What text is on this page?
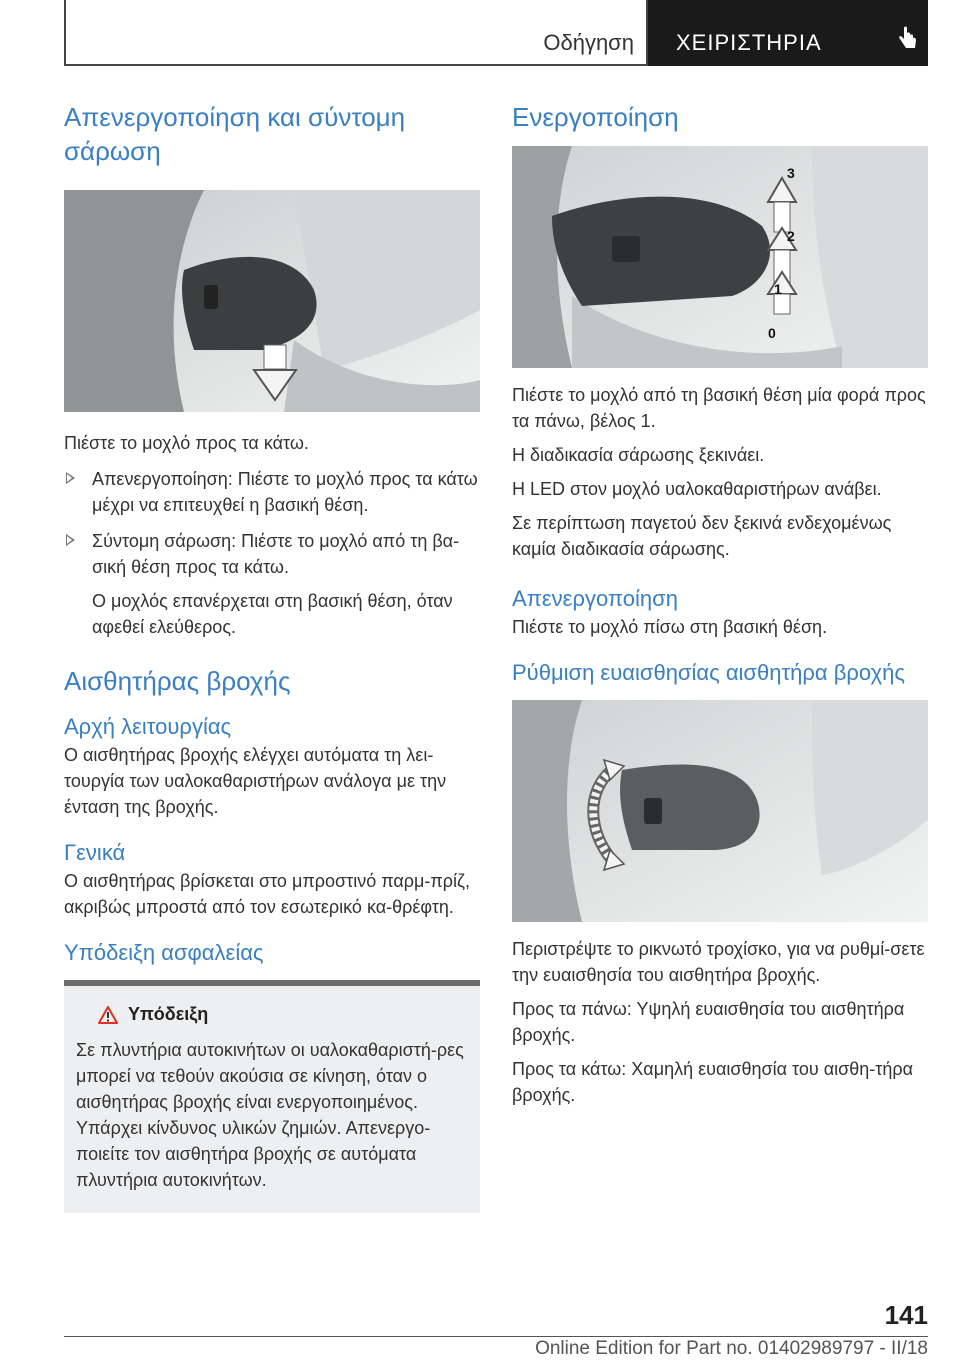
Οδήγηση ΧΕΙΡΙΣΤΗΡΙΑ
Απενεργοποίηση και σύντομη σάρωση

Πιέστε το μοχλό προς τα κάτω.

Απενεργοποίηση: Πιέστε το μοχλό προς τα κάτω μέχρι να επιτευχθεί η βασική θέση.
Σύντομη σάρωση: Πιέστε το μοχλό από τη βα-σική θέση προς τα κάτω.

Ο μοχλός επανέρχεται στη βασική θέση, όταν αφεθεί ελεύθερος.

Αισθητήρας βροχής
Αρχή λειτουργίας

Ο αισθητήρας βροχής ελέγχει αυτόματα τη λει-τουργία των υαλοκαθαριστήρων ανάλογα με την ένταση της βροχής.

Γενικά

Ο αισθητήρας βρίσκεται στο μπροστινό παρμ-πρίζ, ακριβώς μπροστά από τον εσωτερικό κα-θρέφτη.

Υπόδειξη ασφαλείας
Υπόδειξη

Σε πλυντήρια αυτοκινήτων οι υαλοκαθαριστή-ρες μπορεί να τεθούν ακούσια σε κίνηση, όταν ο αισθητήρας βροχής είναι ενεργοποιημένος. Υπάρχει κίνδυνος υλικών ζημιών. Απενεργο-ποιείτε τον αισθητήρα βροχής σε αυτόματα πλυντήρια αυτοκινήτων.

Ενεργοποίηση
3
2
1
0

Πιέστε το μοχλό από τη βασική θέση μία φορά προς τα πάνω, βέλος 1.

Η διαδικασία σάρωσης ξεκινάει.

Η LED στον μοχλό υαλοκαθαριστήρων ανάβει.

Σε περίπτωση παγετού δεν ξεκινά ενδεχομένως καμία διαδικασία σάρωσης.

Απενεργοποίηση

Πιέστε το μοχλό πίσω στη βασική θέση.

Ρύθμιση ευαισθησίας αισθητήρα βροχής

Περιστρέψτε το ρικνωτό τροχίσκο, για να ρυθμί-σετε την ευαισθησία του αισθητήρα βροχής.

Προς τα πάνω: Υψηλή ευαισθησία του αισθητήρα βροχής.

Προς τα κάτω: Χαμηλή ευαισθησία του αισθη-τήρα βροχής.

141
Online Edition for Part no. 01402989797 - II/18
